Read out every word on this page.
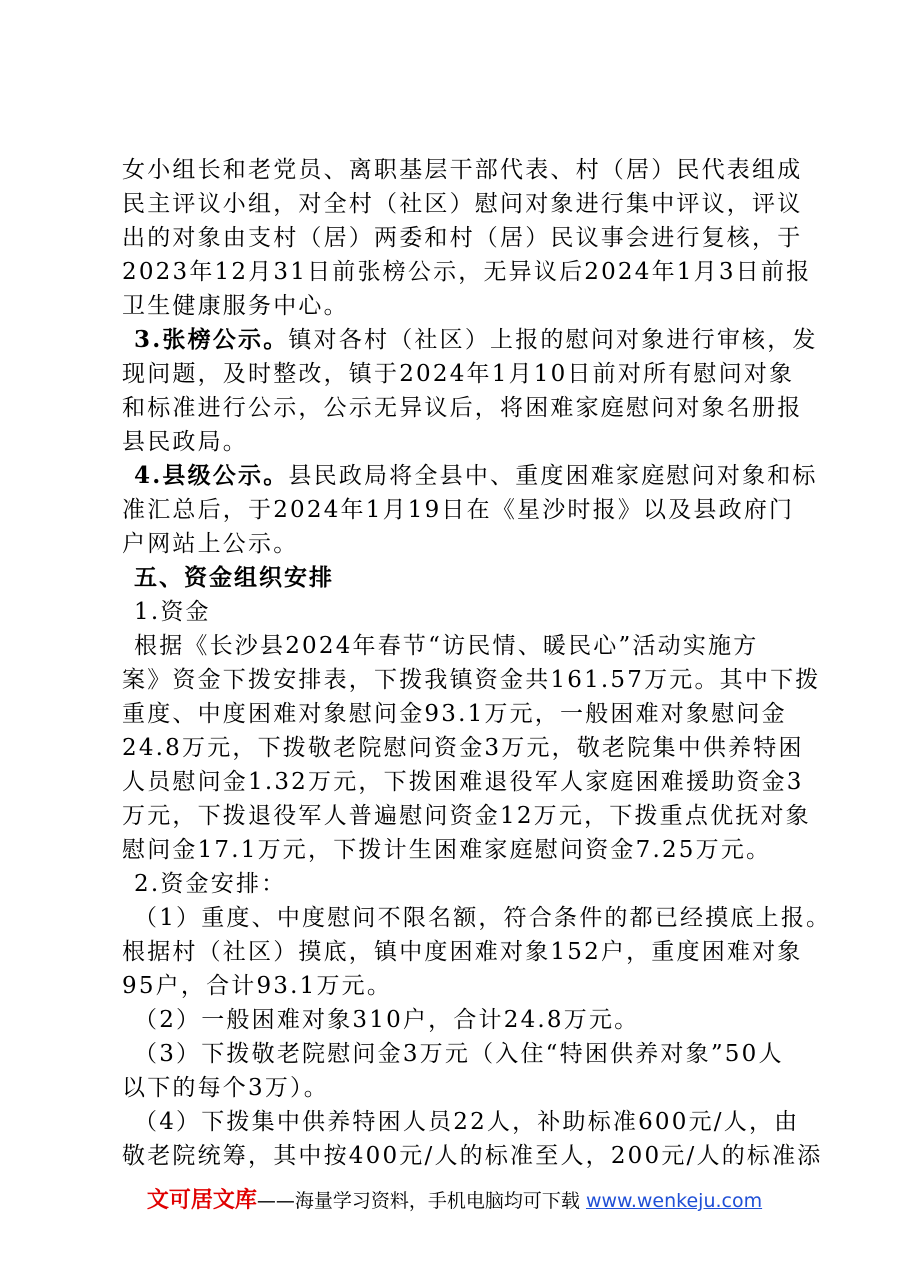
女小组长和老党员、离职基层干部代表、村（居）民代表组成
民主评议小组，对全村（社区）慰问对象进行集中评议，评议
出的对象由支村（居）两委和村（居）民议事会进行复核，于
2023年12月31日前张榜公示，无异议后2024年1月3日前报
卫生健康服务中心。
3.张榜公示。镇对各村（社区）上报的慰问对象进行审核，发
现问题，及时整改，镇于2024年1月10日前对所有慰问对象
和标准进行公示，公示无异议后，将困难家庭慰问对象名册报
县民政局。
4.县级公示。县民政局将全县中、重度困难家庭慰问对象和标
准汇总后，于2024年1月19日在《星沙时报》以及县政府门
户网站上公示。
五、资金组织安排
1.资金
根据《长沙县2024年春节“访民情、暖民心”活动实施方
案》资金下拨安排表，下拨我镇资金共161.57万元。其中下拨
重度、中度困难对象慰问金93.1万元，一般困难对象慰问金
24.8万元，下拨敬老院慰问资金3万元，敬老院集中供养特困
人员慰问金1.32万元，下拨困难退役军人家庭困难援助资金3
万元，下拨退役军人普遍慰问资金12万元，下拨重点优抚对象
慰问金17.1万元，下拨计生困难家庭慰问资金7.25万元。
2.资金安排：
（1）重度、中度慰问不限名额，符合条件的都已经摸底上报。
根据村（社区）摸底，镇中度困难对象152户，重度困难对象
95户，合计93.1万元。
（2）一般困难对象310户，合计24.8万元。
（3）下拨敬老院慰问金3万元（入住“特困供养对象”50人
以下的每个3万）。
（4）下拨集中供养特困人员22人，补助标准600元/人，由
敬老院统筹，其中按400元/人的标准至人，200元/人的标准添
文可居文库——海量学习资料，手机电脑均可下载 www.wenkeju.com
